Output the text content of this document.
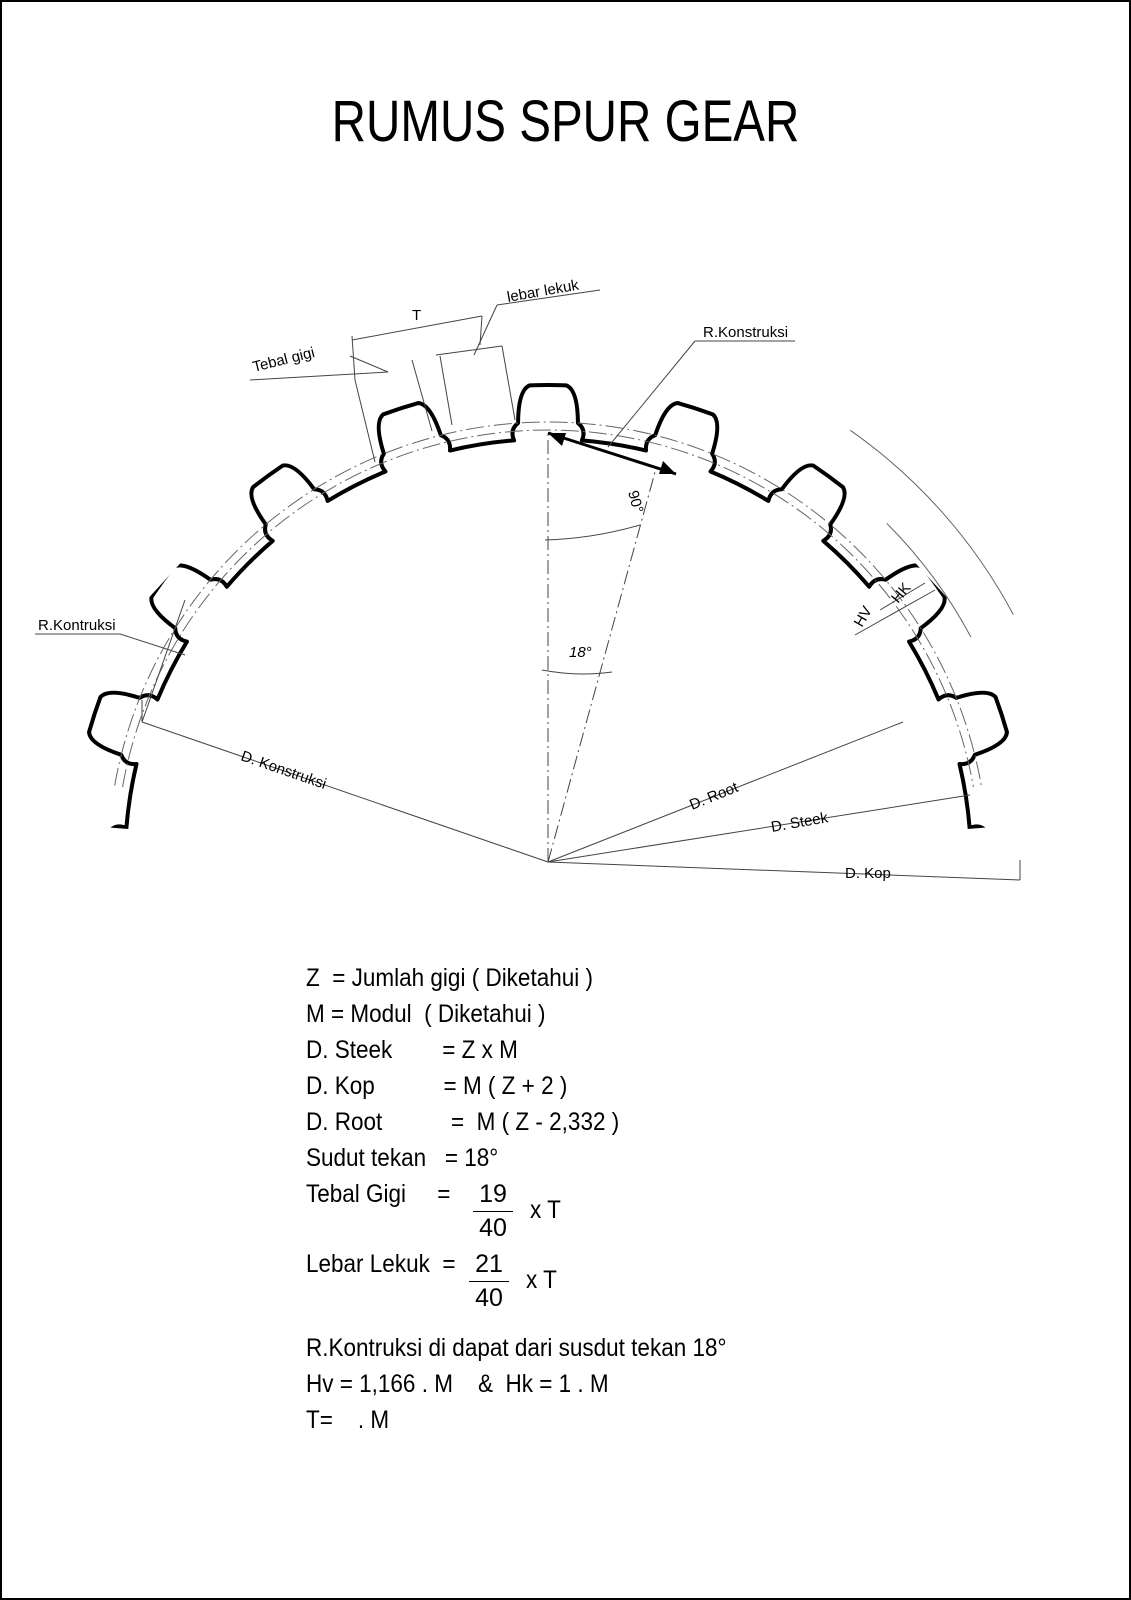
RUMUS SPUR GEAR
T
Tebal gigi
lebar lekuk
R.Konstruksi
R.Kontruksi
90°
18°
HV
HK
D. Konstruksi
D. Root
D. Steek
D. Kop
Z  = Jumlah gigi ( Diketahui )
M = Modul  ( Diketahui )
D. Steek        = Z x M
D. Kop           = M ( Z + 2 )
D. Root           =  M ( Z - 2,332 )
Sudut tekan   = 18°
Tebal Gigi     = 19
40
x T
Lebar Lekuk  = 21
40
x T
R.Kontruksi di dapat dari susdut tekan 18°
Hv = 1,166 . M    &  Hk = 1 . M
T=    . M
